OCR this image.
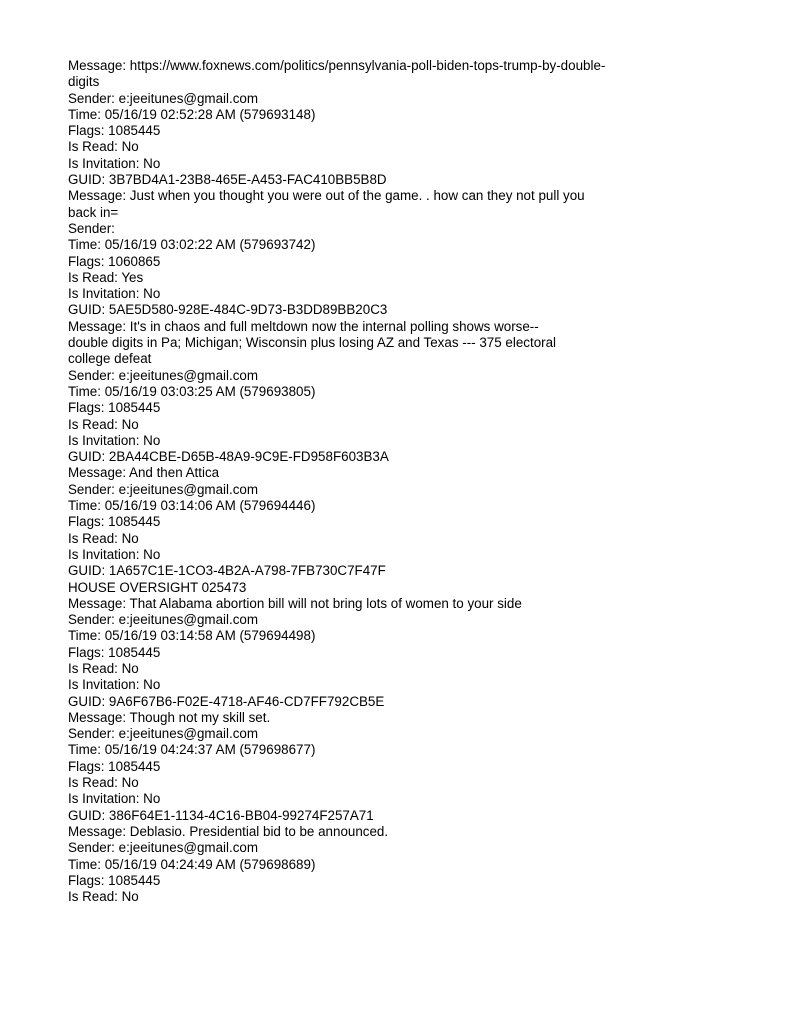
Message: https://www.foxnews.com/politics/pennsylvania-poll-biden-tops-trump-by-double-
digits
Sender: e:jeeitunes@gmail.com
Time: 05/16/19 02:52:28 AM (579693148)
Flags: 1085445
Is Read: No
Is Invitation: No
GUID: 3B7BD4A1-23B8-465E-A453-FAC410BB5B8D
Message: Just when you thought you were out of the game. . how can they not pull you
back in=
Sender:
Time: 05/16/19 03:02:22 AM (579693742)
Flags: 1060865
Is Read: Yes
Is Invitation: No
GUID: 5AE5D580-928E-484C-9D73-B3DD89BB20C3
Message: It's in chaos and full meltdown now the internal polling shows worse--
double digits in Pa; Michigan; Wisconsin plus losing AZ and Texas --- 375 electoral
college defeat
Sender: e:jeeitunes@gmail.com
Time: 05/16/19 03:03:25 AM (579693805)
Flags: 1085445
Is Read: No
Is Invitation: No
GUID: 2BA44CBE-D65B-48A9-9C9E-FD958F603B3A
Message: And then Attica
Sender: e:jeeitunes@gmail.com
Time: 05/16/19 03:14:06 AM (579694446)
Flags: 1085445
Is Read: No
Is Invitation: No
GUID: 1A657C1E-1CO3-4B2A-A798-7FB730C7F47F
HOUSE OVERSIGHT 025473
Message: That Alabama abortion bill will not bring lots of women to your side
Sender: e:jeeitunes@gmail.com
Time: 05/16/19 03:14:58 AM (579694498)
Flags: 1085445
Is Read: No
Is Invitation: No
GUID: 9A6F67B6-F02E-4718-AF46-CD7FF792CB5E
Message: Though not my skill set.
Sender: e:jeeitunes@gmail.com
Time: 05/16/19 04:24:37 AM (579698677)
Flags: 1085445
Is Read: No
Is Invitation: No
GUID: 386F64E1-1134-4C16-BB04-99274F257A71
Message: Deblasio. Presidential bid to be announced.
Sender: e:jeeitunes@gmail.com
Time: 05/16/19 04:24:49 AM (579698689)
Flags: 1085445
Is Read: No
